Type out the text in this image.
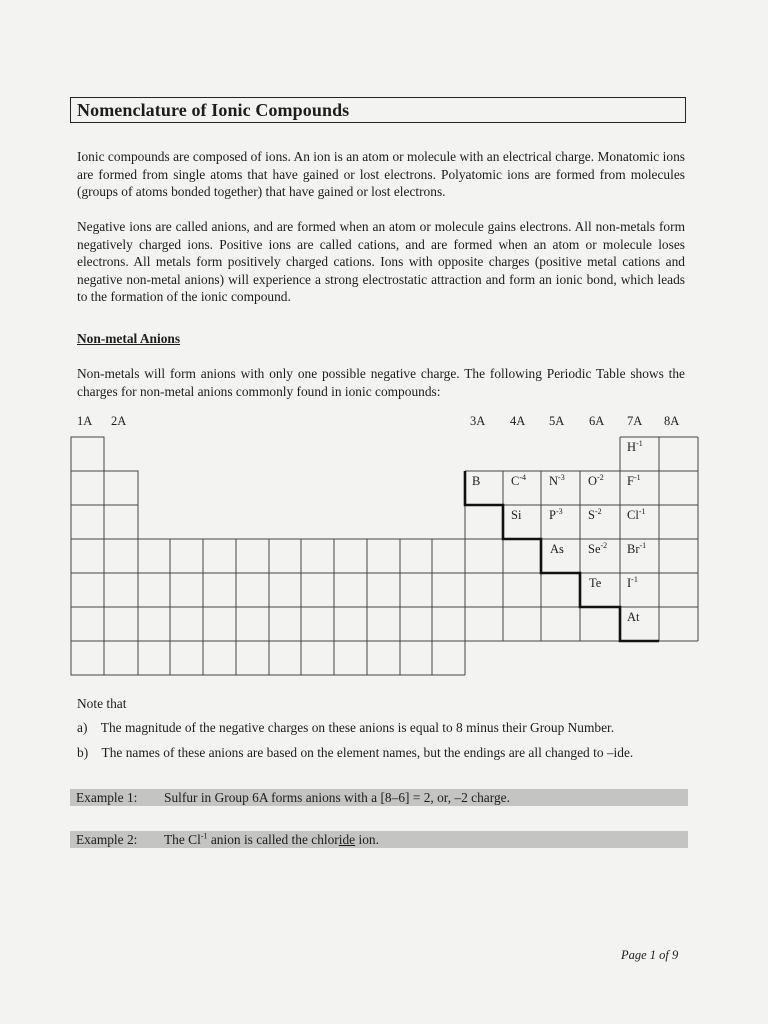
Nomenclature of Ionic Compounds
Ionic compounds are composed of ions. An ion is an atom or molecule with an electrical charge. Monatomic ions are formed from single atoms that have gained or lost electrons. Polyatomic ions are formed from molecules (groups of atoms bonded together) that have gained or lost electrons.
Negative ions are called anions, and are formed when an atom or molecule gains electrons. All non-metals form negatively charged ions. Positive ions are called cations, and are formed when an atom or molecule loses electrons. All metals form positively charged cations. Ions with opposite charges (positive metal cations and negative non-metal anions) will experience a strong electrostatic attraction and form an ionic bond, which leads to the formation of the ionic compound.
Non-metal Anions
Non-metals will form anions with only one possible negative charge. The following Periodic Table shows the charges for non-metal anions commonly found in ionic compounds:
1A 2A	3A 4A 5A 6A 7A 8A
$H^{-1}$
B $C^{-4}$ $N^{-3}$ $O^{-2}$ $F^{-1}$
Si $P^{-3}$ $S^{-2}$ $Cl^{-1}$
As $Se^{-2}$ $Br^{-1}$
Te $I^{-1}$
At
Note that
a) The magnitude of the negative charges on these anions is equal to 8 minus their Group Number.
b) The names of these anions are based on the element names, but the endings are all changed to –ide.
Example 1: Sulfur in Group 6A forms anions with a [8–6] = 2, or, –2 charge.
Example 2: The $Cl^{-1}$ anion is called the chloride ion.
Page 1 of 9
